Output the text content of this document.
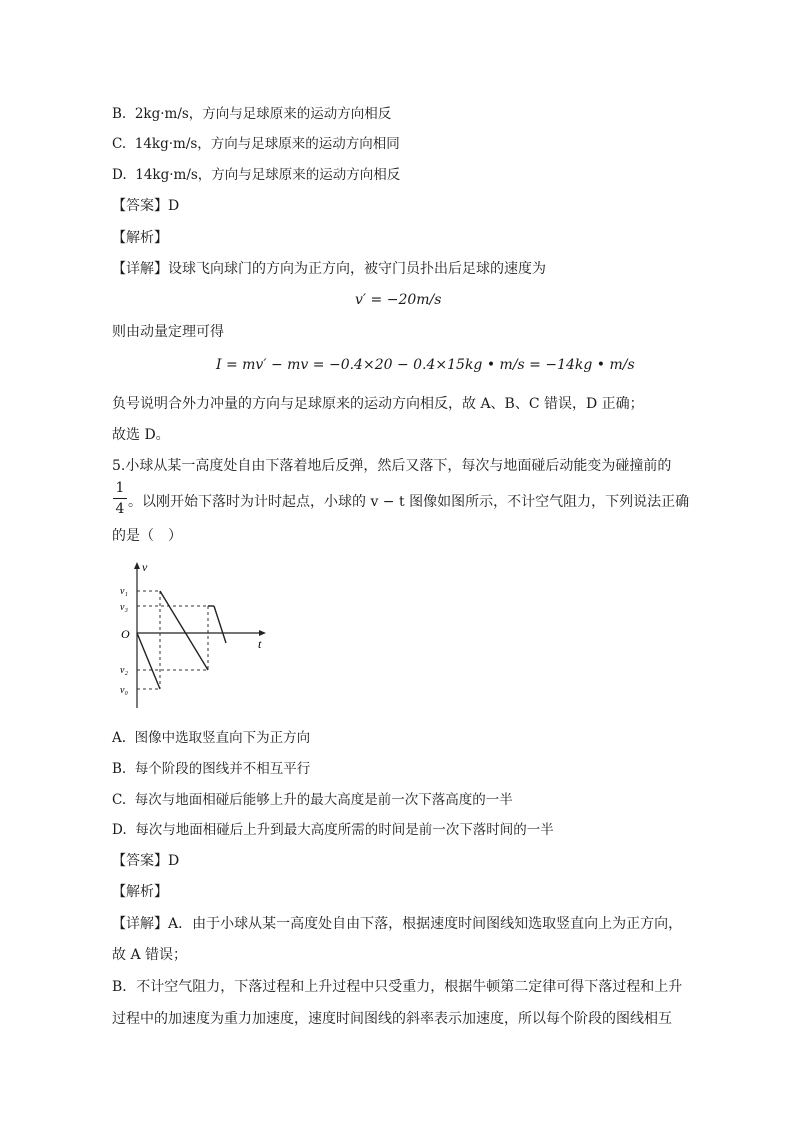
B. 2kg·m/s，方向与足球原来的运动方向相反
C. 14kg·m/s，方向与足球原来的运动方向相同
D. 14kg·m/s，方向与足球原来的运动方向相反
【答案】D
【解析】
【详解】设球飞向球门的方向为正方向，被守门员扑出后足球的速度为
v′ = −20m/s
则由动量定理可得
I = mv′ − mv = −0.4×20 − 0.4×15kg • m/s = −14kg • m/s
负号说明合外力冲量的方向与足球原来的运动方向相反，故 A、B、C 错误，D 正确；
故选 D。
5.小球从某一高度处自由下落着地后反弹，然后又落下，每次与地面碰后动能变为碰撞前的
1
4 。以刚开始下落时为计时起点，小球的 v − t 图像如图所示，不计空气阻力，下列说法正确
的是（　）
v
t
O
v₁
v₃
v₂
v₀
A. 图像中选取竖直向下为正方向
B. 每个阶段的图线并不相互平行
C. 每次与地面相碰后能够上升的最大高度是前一次下落高度的一半
D. 每次与地面相碰后上升到最大高度所需的时间是前一次下落时间的一半
【答案】D
【解析】
【详解】A．由于小球从某一高度处自由下落，根据速度时间图线知选取竖直向上为正方向，
故 A 错误；
B．不计空气阻力，下落过程和上升过程中只受重力，根据牛顿第二定律可得下落过程和上升
过程中的加速度为重力加速度，速度时间图线的斜率表示加速度，所以每个阶段的图线相互
